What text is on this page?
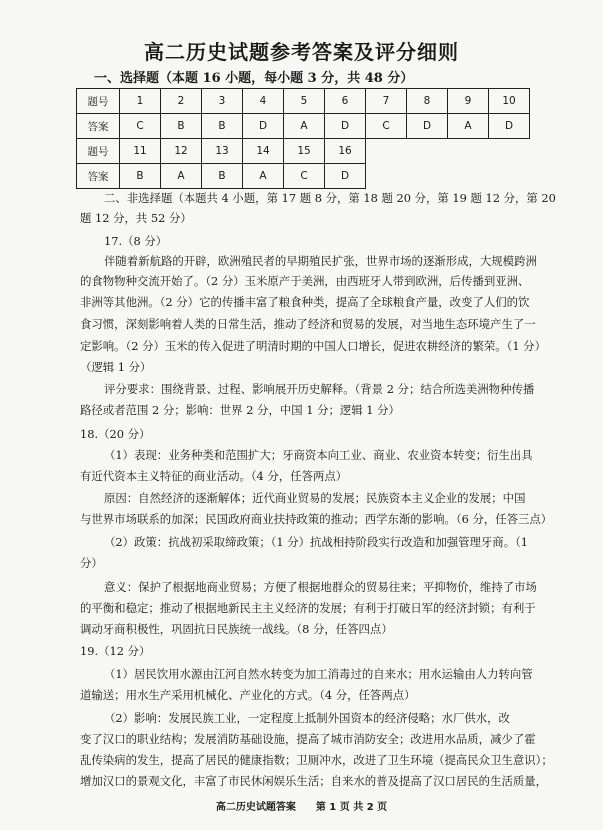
高二历史试题参考答案及评分细则
一、选择题（本题 16 小题，每小题 3 分，共 48 分）
题号	1	2	3	4	5	6	7	8	9	10
答案	C	B	B	D	A	D	C	D	A	D
题号	11	12	13	14	15	16				
答案	B	A	B	A	C	D				
二、非选择题（本题共 4 小题，第 17 题 8 分，第 18 题 20 分，第 19 题 12 分，第 20
题 12 分，共 52 分）
17.（8 分）
伴随着新航路的开辟，欧洲殖民者的早期殖民扩张，世界市场的逐渐形成，大规模跨洲
的食物物种交流开始了。（2 分）玉米原产于美洲，由西班牙人带到欧洲，后传播到亚洲、
非洲等其他洲。（2 分）它的传播丰富了粮食种类，提高了全球粮食产量，改变了人们的饮
食习惯，深刻影响着人类的日常生活，推动了经济和贸易的发展，对当地生态环境产生了一
定影响。（2 分）玉米的传入促进了明清时期的中国人口增长，促进农耕经济的繁荣。（1 分）
（逻辑 1 分）
评分要求：围绕背景、过程、影响展开历史解释。（背景 2 分；结合所选美洲物种传播
路径或者范围 2 分；影响：世界 2 分，中国 1 分；逻辑 1 分）
18.（20 分）
（1）表现：业务种类和范围扩大；牙商资本向工业、商业、农业资本转变；衍生出具
有近代资本主义特征的商业活动。（4 分，任答两点）
原因：自然经济的逐渐解体；近代商业贸易的发展；民族资本主义企业的发展；中国
与世界市场联系的加深；民国政府商业扶持政策的推动；西学东渐的影响。（6 分，任答三点）
（2）政策：抗战初采取缔政策；（1 分）抗战相持阶段实行改造和加强管理牙商。（1
分）
意义：保护了根据地商业贸易；方便了根据地群众的贸易往来；平抑物价，维持了市场
的平衡和稳定；推动了根据地新民主主义经济的发展；有利于打破日军的经济封锁；有利于
调动牙商积极性，巩固抗日民族统一战线。（8 分，任答四点）
19.（12 分）
（1）居民饮用水源由江河自然水转变为加工消毒过的自来水；用水运输由人力转向管
道输送；用水生产采用机械化、产业化的方式。（4 分，任答两点）
（2）影响：发展民族工业，一定程度上抵制外国资本的经济侵略；水厂供水，改
变了汉口的职业结构；发展消防基础设施，提高了城市消防安全；改进用水品质，减少了霍
乱传染病的发生，提高了居民的健康指数；卫厕冲水，改进了卫生环境（提高民众卫生意识）；
增加汉口的景观文化，丰富了市民休闲娱乐生活；自来水的普及提高了汉口居民的生活质量，
高二历史试题答案　　第 1 页 共 2 页
